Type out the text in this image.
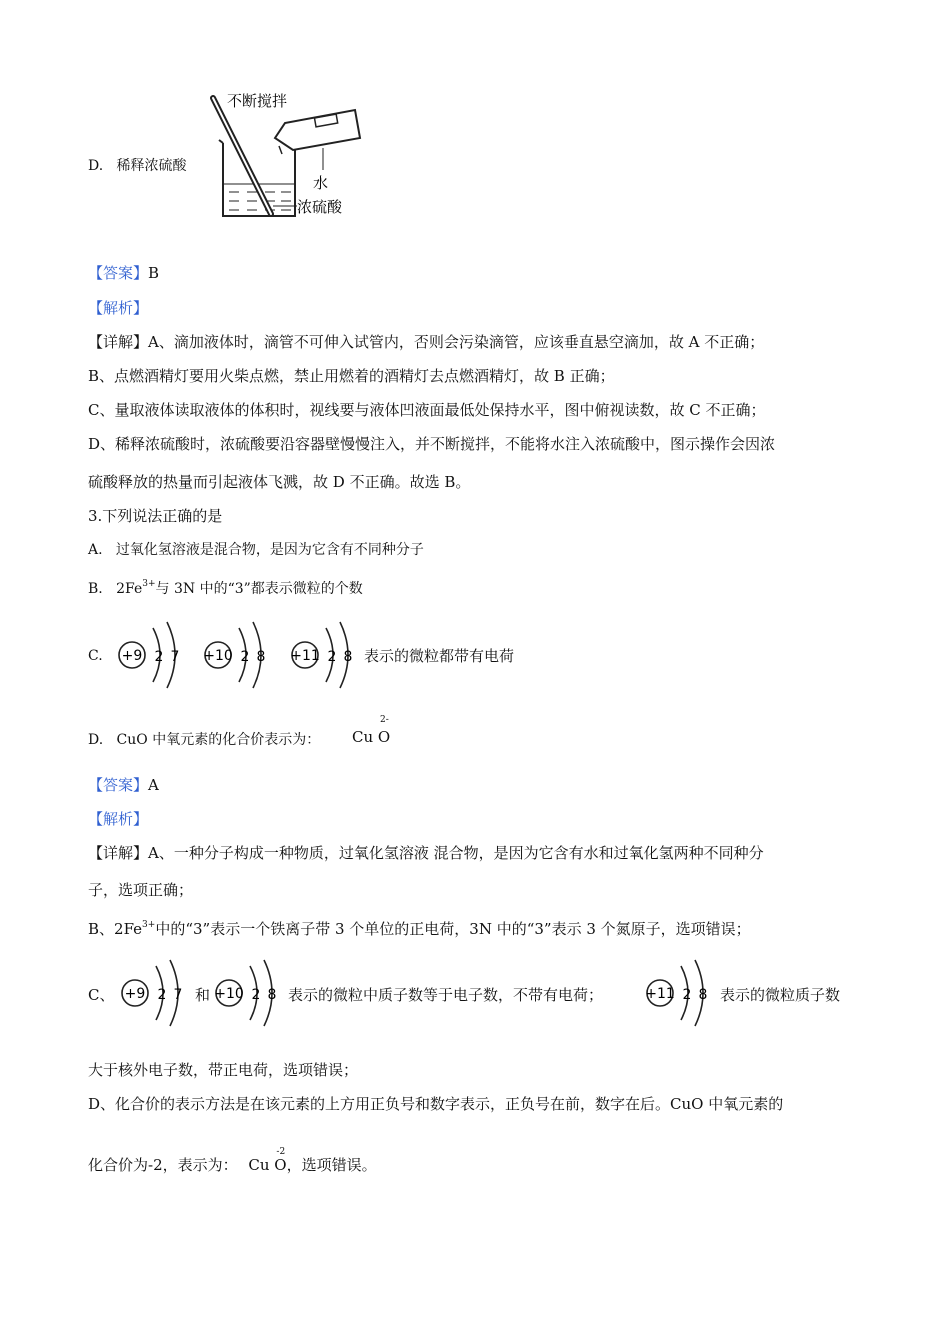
D. 稀释浓硫酸
不断搅拌
水
浓硫酸
【答案】B
【解析】
【详解】A、滴加液体时，滴管不可伸入试管内，否则会污染滴管，应该垂直悬空滴加，故 A 不正确；
B、点燃酒精灯要用火柴点燃，禁止用燃着的酒精灯去点燃酒精灯，故 B 正确；
C、量取液体读取液体的体积时，视线要与液体凹液面最低处保持水平，图中俯视读数，故 C 不正确；
D、稀释浓硫酸时，浓硫酸要沿容器壁慢慢注入，并不断搅拌，不能将水注入浓硫酸中，图示操作会因浓
硫酸释放的热量而引起液体飞溅，故 D 不正确。故选 B。
3.下列说法正确的是
A. 过氧化氢溶液是混合物，是因为它含有不同种分子
B. $2Fe^{3+}$与 3N 中的“3”都表示微粒的个数
C. +9 2 7 +10 2 8 +11 2 8 表示的微粒都带有电荷
D. CuO 中氧元素的化合价表示为： Cu O
2-
【答案】A
【解析】
【详解】A、一种分子构成一种物质，过氧化氢溶液 混合物，是因为它含有水和过氧化氢两种不同种分
子，选项正确；
B、$2Fe^{3+}$中的“3”表示一个铁离子带 3 个单位的正电荷，3N 中的“3”表示 3 个氮原子，选项错误；
C、 +9 2 7 和 +10 2 8 表示的微粒中质子数等于电子数，不带有电荷；	+11 2 8 表示的微粒质子数
大于核外电子数，带正电荷，选项错误；
D、化合价的表示方法是在该元素的上方用正负号和数字表示，正负号在前，数字在后。CuO 中氧元素的
化合价为-2，表示为： Cu O
-2
，选项错误。
